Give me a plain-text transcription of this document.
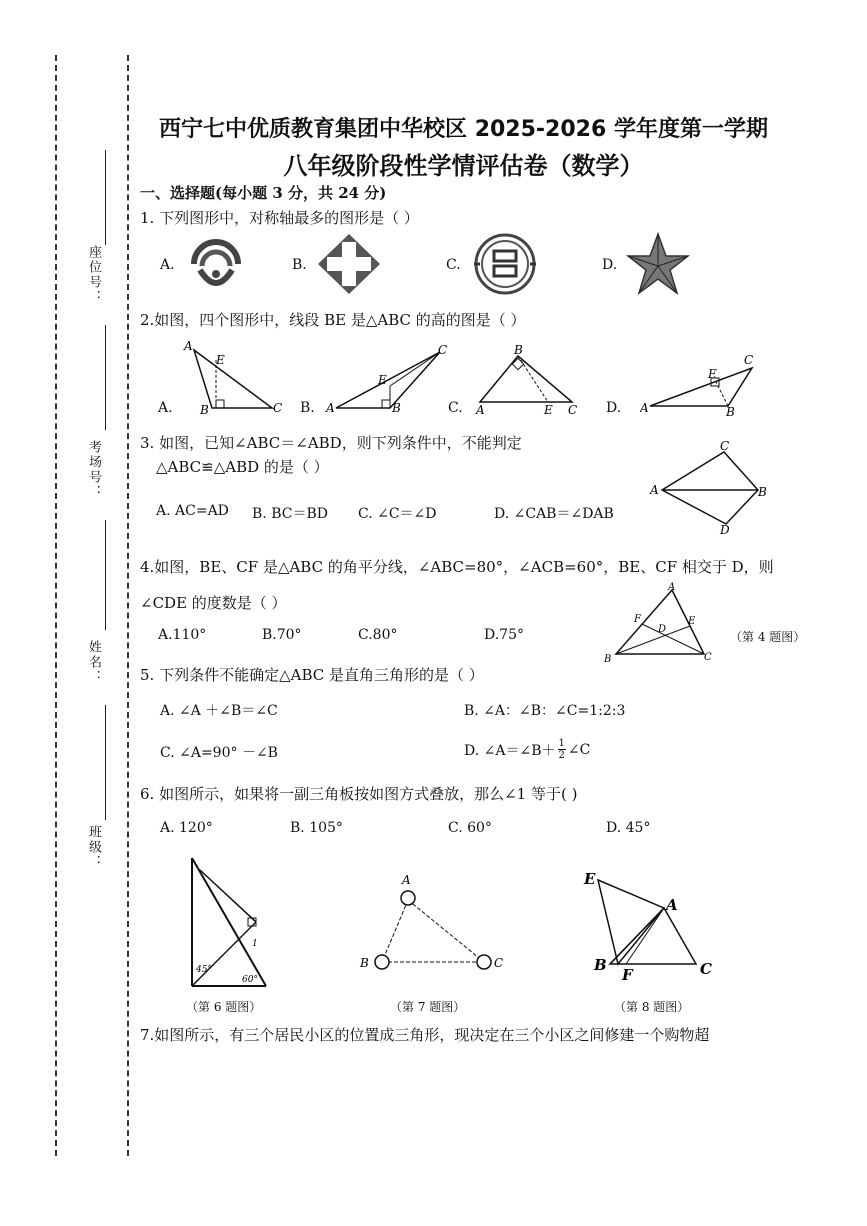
座位号：
考场号：
姓名：
班级：
西宁七中优质教育集团中华校区 2025-2026 学年度第一学期
八年级阶段性学情评估卷（数学）
一、选择题(每小题 3 分，共 24 分)
1. 下列图形中，对称轴最多的图形是（ ）
A.	B.	C.	D.
2.如图，四个图形中，线段 BE 是△ABC 的高的图是（ ）
A.	B.	C.	D.
A
E
B	C	A	B
C
E
B
A	E C	A	B
C
E
3. 如图，已知∠ABC＝∠ABD，则下列条件中，不能判定
△ABC≌△ABD 的是（ ）
A. AC=AD B. BC＝BD C. ∠C＝∠D	D. ∠CAB＝∠DAB
C
A	B
D
4.如图，BE、CF 是△ABC 的角平分线，∠ABC=80°，∠ACB=60°，BE、CF 相交于 D，则
∠CDE 的度数是（ ）
A.110°	B.70°	C.80°	D.75°
A
B	C
D
E
F
（第 4 题图）
5. 下列条件不能确定△ABC 是直角三角形的是（ ）
A. ∠A ＋∠B＝∠C	B. ∠A：∠B：∠C=1:2:3
C. ∠A=90° －∠B	D. ∠A＝∠B＋ $\frac{1}{2}$ ∠C
6. 如图所示，如果将一副三角板按如图方式叠放，那么∠1 等于( )
A. 120°	B. 105°	C. 60°	D. 45°
45°
60°
1
（第 6 题图）
A
B	C
（第 7 题图）
E
A
B
F	C
（第 8 题图）
7.如图所示，有三个居民小区的位置成三角形，现决定在三个小区之间修建一个购物超
